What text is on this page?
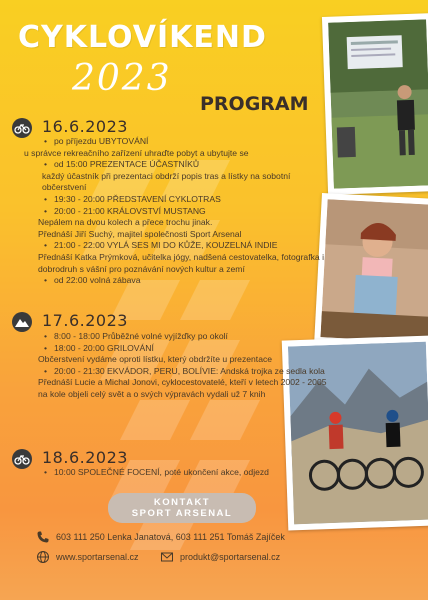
CYKLOVÍKEND
2023
PROGRAM
16.6.2023
• po příjezdu UBYTOVÁNÍ

u správce rekreačního zařízení uhraďte pobyt a ubytujte se

• od 15:00 PREZENTACE ÚČASTNÍKŮ

každý účastník při prezentaci obdrží popis tras a lístky na sobotní občerstvení

• 19:30 - 20:00 PŘEDSTAVENÍ CYKLOTRAS
• 20:00 - 21:00 KRÁLOVSTVÍ MUSTANG

Nepálem na dvou kolech a přece trochu jinak.

Přednáší Jiří Suchý, majitel společnosti Sport Arsenal

• 21:00 - 22:00 VYLÁ SES MI DO KŮŽE, KOUZELNÁ INDIE

Přednáší Katka Prýmková, učitelka jógy, nadšená cestovatelka, fotografka i dobrodruh s vášní pro poznávání nových kultur a zemí

• od 22:00 volná zábava
17.6.2023
• 8:00 - 18:00 Průběžné volné vyjížďky po okolí
• 18:00 - 20:00 GRILOVÁNÍ

Občerstvení vydáme oproti lístku, který obdržíte u prezentace

• 20:00 - 21:30 EKVÁDOR, PERU, BOLÍVIE: Andská trojka ze sedla kola

Přednáší Lucie a Michal Jonovi, cyklocestovatelé, kteří v letech 2002 - 2005 na kole objeli celý svět a o svých výpravách vydali už 7 knih

18.6.2023
• 10:00 SPOLEČNÉ FOCENÍ, poté ukončení akce, odjezd
KONTAKT
SPORT ARSENAL
603 111 250 Lenka Janatová, 603 111 251 Tomáš Zajíček
www.sportarsenal.cz	produkt@sportarsenal.cz
